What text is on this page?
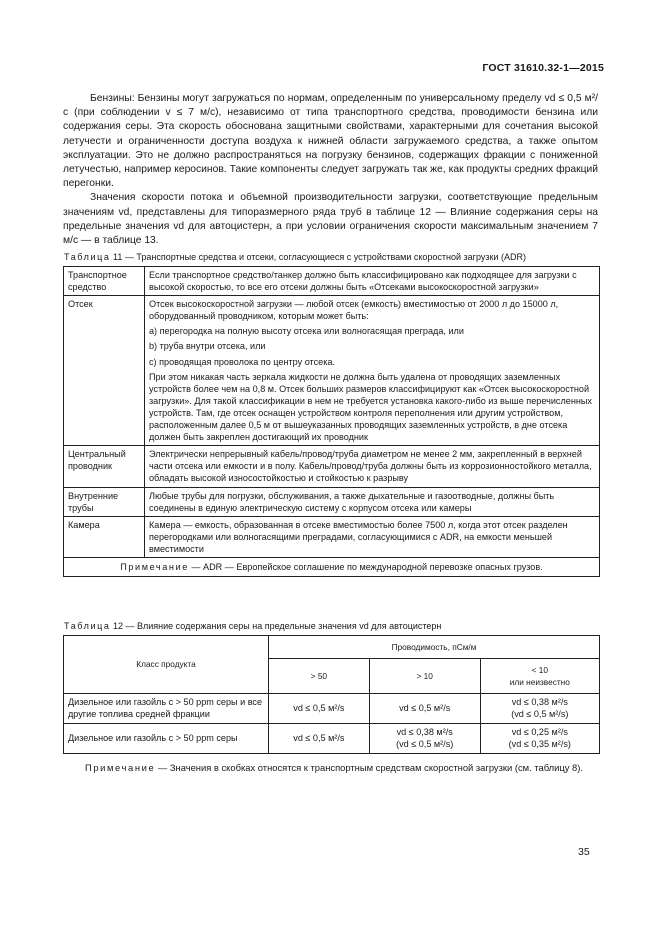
ГОСТ 31610.32-1—2015

Бензины: Бензины могут загружаться по нормам, определенным по универсальному пределу vd ≤ 0,5 м²/с (при соблюдении v ≤ 7 м/с), независимо от типа транспортного средства, проводимости бензина или содержания серы. Эта скорость обоснована защитными свойствами, характерными для сочетания высокой летучести и ограниченности доступа воздуха к нижней области загружаемого средства, а также опытом эксплуатации. Это не должно распространяться на погрузку бензинов, содержащих фракции с пониженной летучестью, например керосинов. Такие компоненты следует загружать так же, как продукты средних фракций перегонки.

Значения скорости потока и объемной производительности загрузки, соответствующие предельным значениям vd, представлены для типоразмерного ряда труб в таблице 12 — Влияние содержания серы на предельные значения vd для автоцистерн, а при условии ограничения скорости максимальным значением 7 м/с — в таблице 13.

Таблица 11 — Транспортные средства и отсеки, согласующиеся с устройствами скоростной загрузки (ADR)
Транспортное средство	Если транспортное средство/танкер должно быть классифицировано как подходящее для загрузки с высокой скоростью, то все его отсеки должны быть «Отсеками высокоскоростной загрузки»

Отсек	Отсек высокоскоростной загрузки — любой отсек (емкость) вместимостью от 2000 л до 15000 л, оборудованный проводником, которым может быть:
a) перегородка на полную высоту отсека или волногасящая преграда, или
b) труба внутри отсека, или
c) проводящая проволока по центру отсека.
При этом никакая часть зеркала жидкости не должна быть удалена от проводящих заземленных устройств более чем на 0,8 м. Отсек больших размеров классифицируют как «Отсек высокоскоростной загрузки». Для такой классификации в нем не требуется установка какого-либо из выше перечисленных устройств. Там, где отсек оснащен устройством контроля переполнения или другим устройством, расположенным далее 0,5 м от вышеуказанных проводящих заземленных устройств, в дне отсека должен быть закреплен достигающий их проводник

Центральный проводник	Электрически непрерывный кабель/провод/труба диаметром не менее 2 мм, закрепленный в верхней части отсека или емкости и в полу. Кабель/провод/труба должны быть из коррозионностойкого металла, обладать высокой износостойкостью и стойкостью к разрыву

Внутренние трубы	Любые трубы для погрузки, обслуживания, а также дыхательные и газоотводные, должны быть соединены в единую электрическую систему с корпусом отсека или камеры

Камера	Камера — емкость, образованная в отсеке вместимостью более 7500 л, когда этот отсек разделен перегородками или волногасящими преградами, согласующимися с ADR, на емкости меньшей вместимости

Примечание — ADR — Европейское соглашение по международной перевозке опасных грузов.	
Таблица 12 — Влияние содержания серы на предельные значения vd для автоцистерн
Класс продукта	Проводимость, пСм/м		
	> 50	> 10	< 10
или неизвестно

Дизельное или газойль с > 50 ppm серы и все другие топлива средней фракции	vd ≤ 0,5 м²/s	vd ≤ 0,5 м²/s	vd ≤ 0,38 м²/s
(vd ≤ 0,5 м²/s)

Дизельное или газойль с > 50 ppm серы	vd ≤ 0,5 м²/s	vd ≤ 0,38 м²/s
(vd ≤ 0,5 м²/s)	vd ≤ 0,25 м²/s
(vd ≤ 0,35 м²/s)
Примечание — Значения в скобках относятся к транспортным средствам скоростной загрузки (см. таблицу 8).
35
